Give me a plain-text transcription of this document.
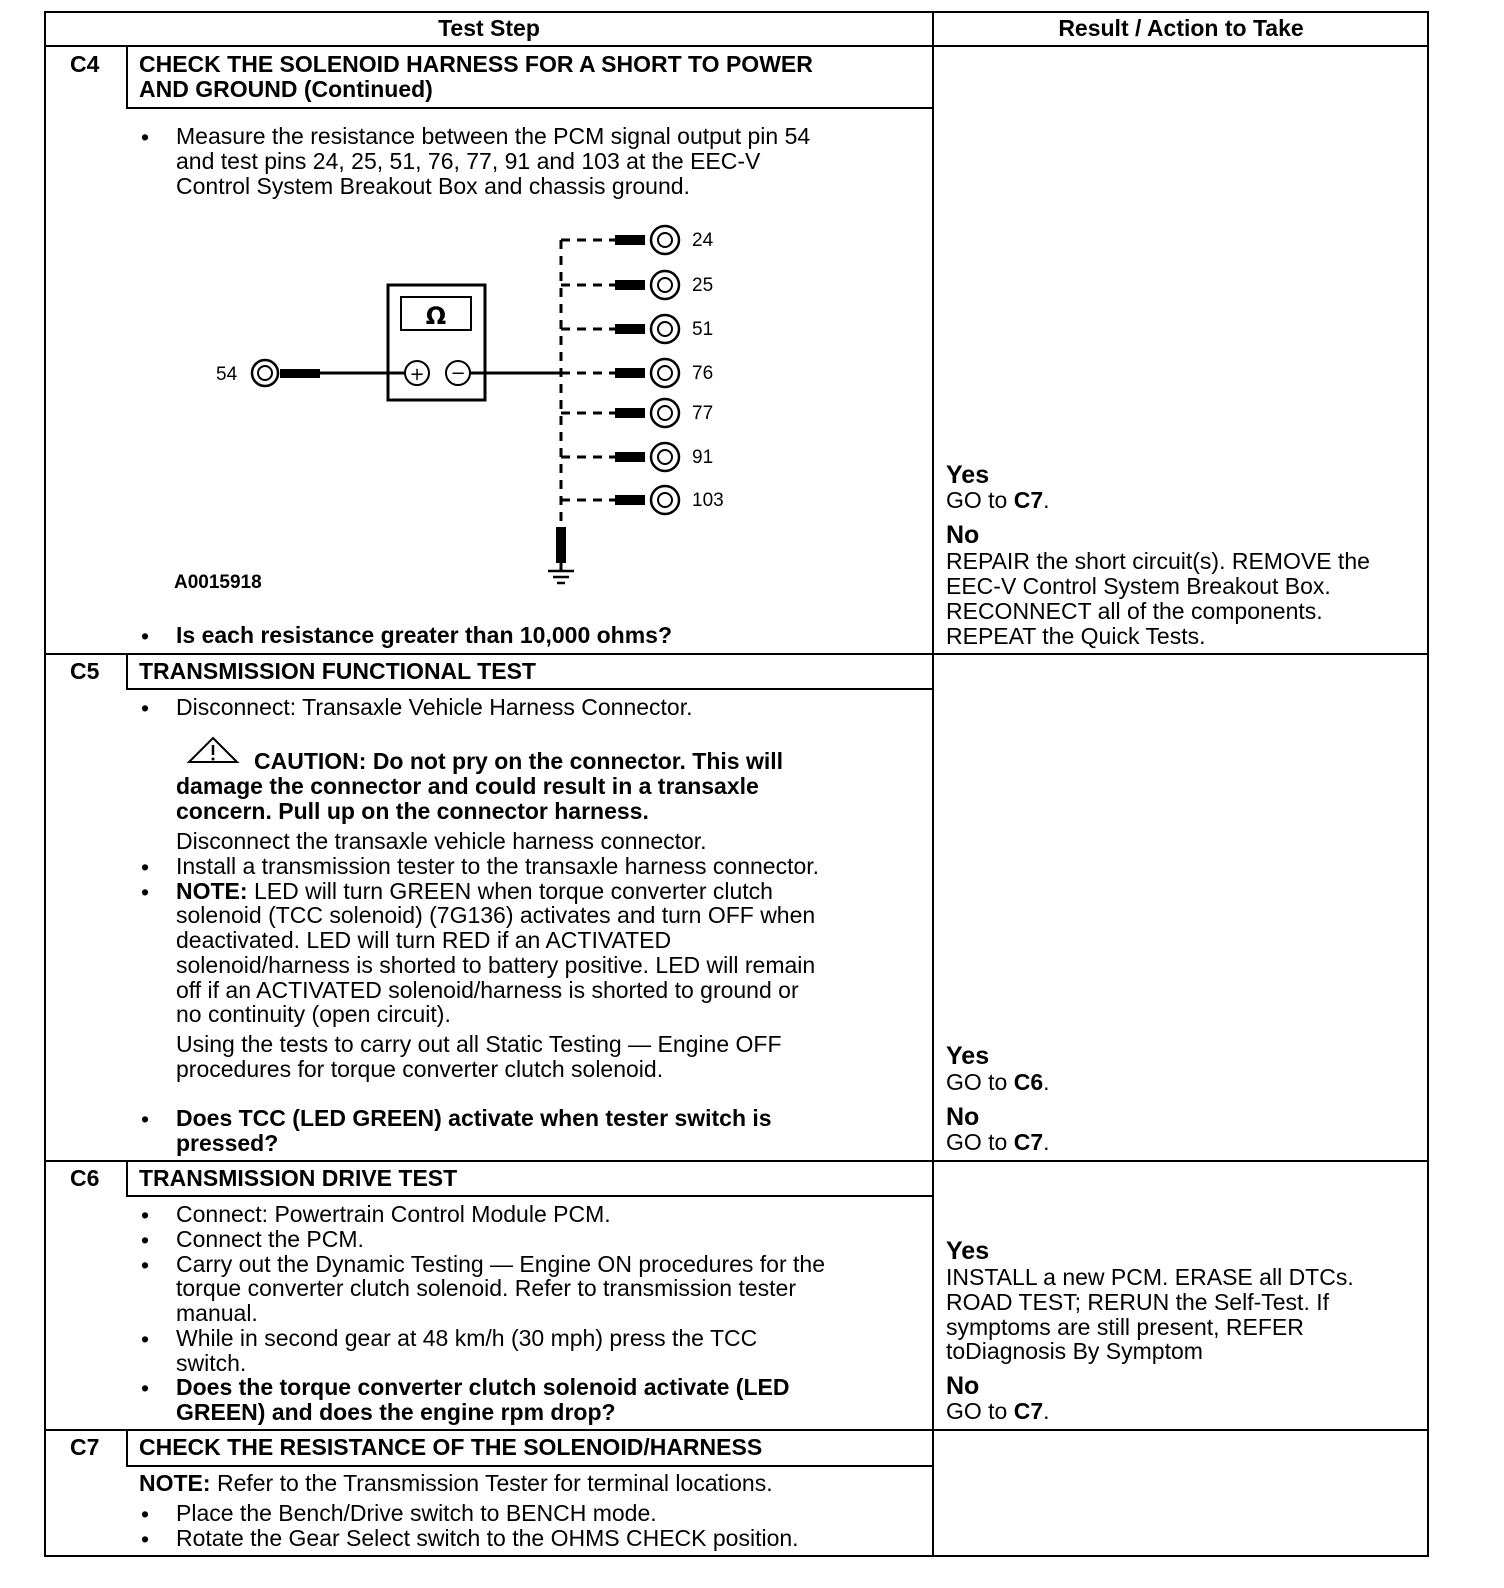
Test Step	Result / Action to Take
C4 CHECK THE SOLENOID HARNESS FOR A SHORT TO POWER
AND GROUND (Continued)
• Measure the resistance between the PCM signal output pin 54
and test pins 24, 25, 51, 76, 77, 91 and 103 at the EEC-V
Control System Breakout Box and chassis ground.
Ω
+ −
54
24
25
51
76
77
91
103
A0015918
• Is each resistance greater than 10,000 ohms?
Yes
GO to C7.
No
REPAIR the short circuit(s). REMOVE the
EEC-V Control System Breakout Box.
RECONNECT all of the components.
REPEAT the Quick Tests.
C5 TRANSMISSION FUNCTIONAL TEST
• Disconnect: Transaxle Vehicle Harness Connector.
CAUTION: Do not pry on the connector. This will
damage the connector and could result in a transaxle
concern. Pull up on the connector harness.
Disconnect the transaxle vehicle harness connector.
• Install a transmission tester to the transaxle harness connector.
• NOTE: LED will turn GREEN when torque converter clutch
solenoid (TCC solenoid) (7G136) activates and turn OFF when
deactivated. LED will turn RED if an ACTIVATED
solenoid/harness is shorted to battery positive. LED will remain
off if an ACTIVATED solenoid/harness is shorted to ground or
no continuity (open circuit).
Using the tests to carry out all Static Testing — Engine OFF
procedures for torque converter clutch solenoid.
• Does TCC (LED GREEN) activate when tester switch is
pressed?
Yes
GO to C6.
No
GO to C7.
C6 TRANSMISSION DRIVE TEST
• Connect: Powertrain Control Module PCM.
• Connect the PCM.
• Carry out the Dynamic Testing — Engine ON procedures for the
torque converter clutch solenoid. Refer to transmission tester
manual.
• While in second gear at 48 km/h (30 mph) press the TCC
switch.
• Does the torque converter clutch solenoid activate (LED
GREEN) and does the engine rpm drop?
Yes
INSTALL a new PCM. ERASE all DTCs.
ROAD TEST; RERUN the Self-Test. If
symptoms are still present, REFER
toDiagnosis By Symptom
No
GO to C7.
C7 CHECK THE RESISTANCE OF THE SOLENOID/HARNESS
NOTE: Refer to the Transmission Tester for terminal locations.
• Place the Bench/Drive switch to BENCH mode.
• Rotate the Gear Select switch to the OHMS CHECK position.
